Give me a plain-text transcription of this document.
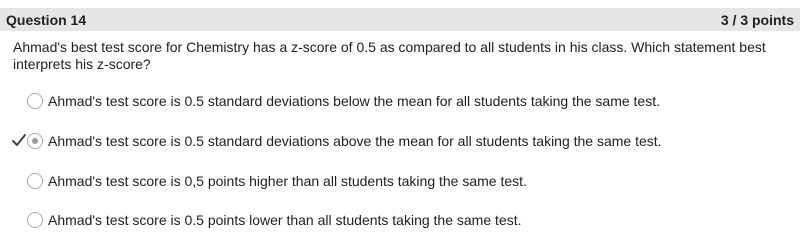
Question 14	3 / 3 points
Ahmad's best test score for Chemistry has a z-score of 0.5 as compared to all students in his class. Which statement best interprets his z-score?
Ahmad's test score is 0.5 standard deviations below the mean for all students taking the same test.
Ahmad's test score is 0.5 standard deviations above the mean for all students taking the same test.
Ahmad's test score is 0,5 points higher than all students taking the same test.
Ahmad's test score is 0.5 points lower than all students taking the same test.
